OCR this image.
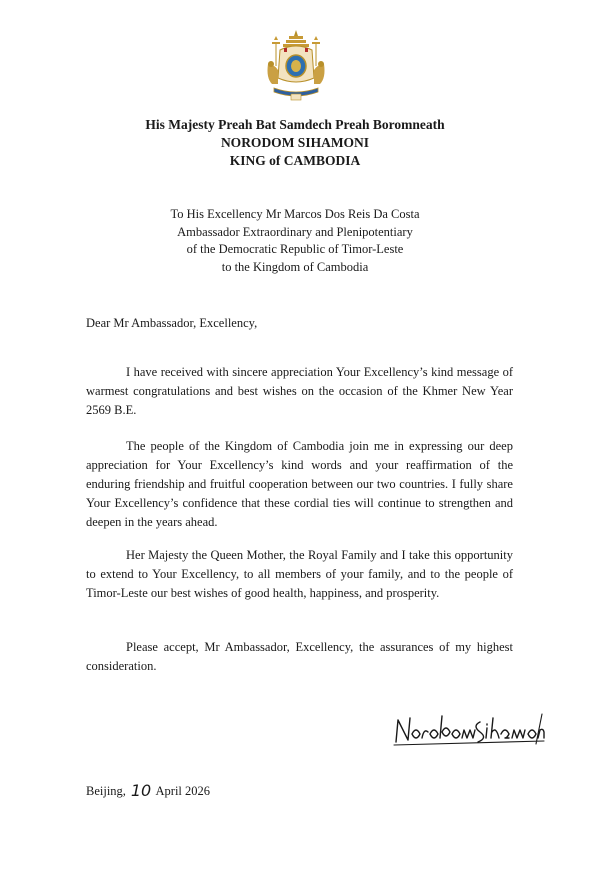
His Majesty Preah Bat Samdech Preah Boromneath
NORODOM SIHAMONI
KING of CAMBODIA
To His Excellency Mr Marcos Dos Reis Da Costa
Ambassador Extraordinary and Plenipotentiary
of the Democratic Republic of Timor-Leste
to the Kingdom of Cambodia
Dear Mr Ambassador, Excellency,

I have received with sincere appreciation Your Excellency’s kind message of warmest congratulations and best wishes on the occasion of the Khmer New Year 2569 B.E.

The people of the Kingdom of Cambodia join me in expressing our deep appreciation for Your Excellency’s kind words and your reaffirmation of the enduring friendship and fruitful cooperation between our two countries. I fully share Your Excellency’s confidence that these cordial ties will continue to strengthen and deepen in the years ahead.

Her Majesty the Queen Mother, the Royal Family and I take this opportunity to extend to Your Excellency, to all members of your family, and to the people of Timor-Leste our best wishes of good health, happiness, and prosperity.

Please accept, Mr Ambassador, Excellency, the assurances of my highest consideration.

Beijing, 10 April 2026
